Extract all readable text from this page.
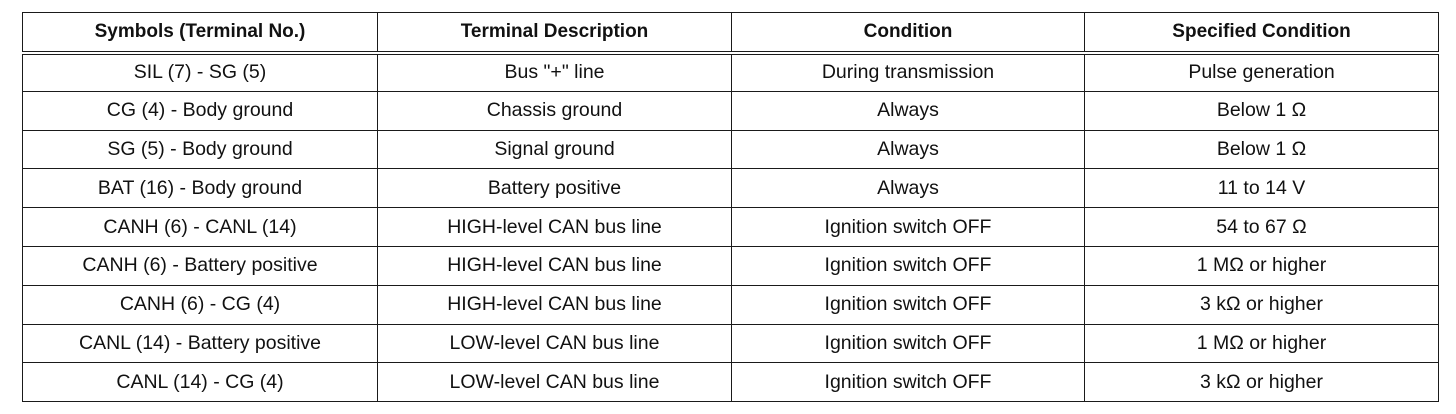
Symbols (Terminal No.)	Terminal Description	Condition	Specified Condition
SIL (7) - SG (5)	Bus "+" line	During transmission	Pulse generation
CG (4) - Body ground	Chassis ground	Always	Below 1 Ω
SG (5) - Body ground	Signal ground	Always	Below 1 Ω
BAT (16) - Body ground	Battery positive	Always	11 to 14 V
CANH (6) - CANL (14)	HIGH-level CAN bus line	Ignition switch OFF	54 to 67 Ω
CANH (6) - Battery positive	HIGH-level CAN bus line	Ignition switch OFF	1 MΩ or higher
CANH (6) - CG (4)	HIGH-level CAN bus line	Ignition switch OFF	3 kΩ or higher
CANL (14) - Battery positive	LOW-level CAN bus line	Ignition switch OFF	1 MΩ or higher
CANL (14) - CG (4)	LOW-level CAN bus line	Ignition switch OFF	3 kΩ or higher
